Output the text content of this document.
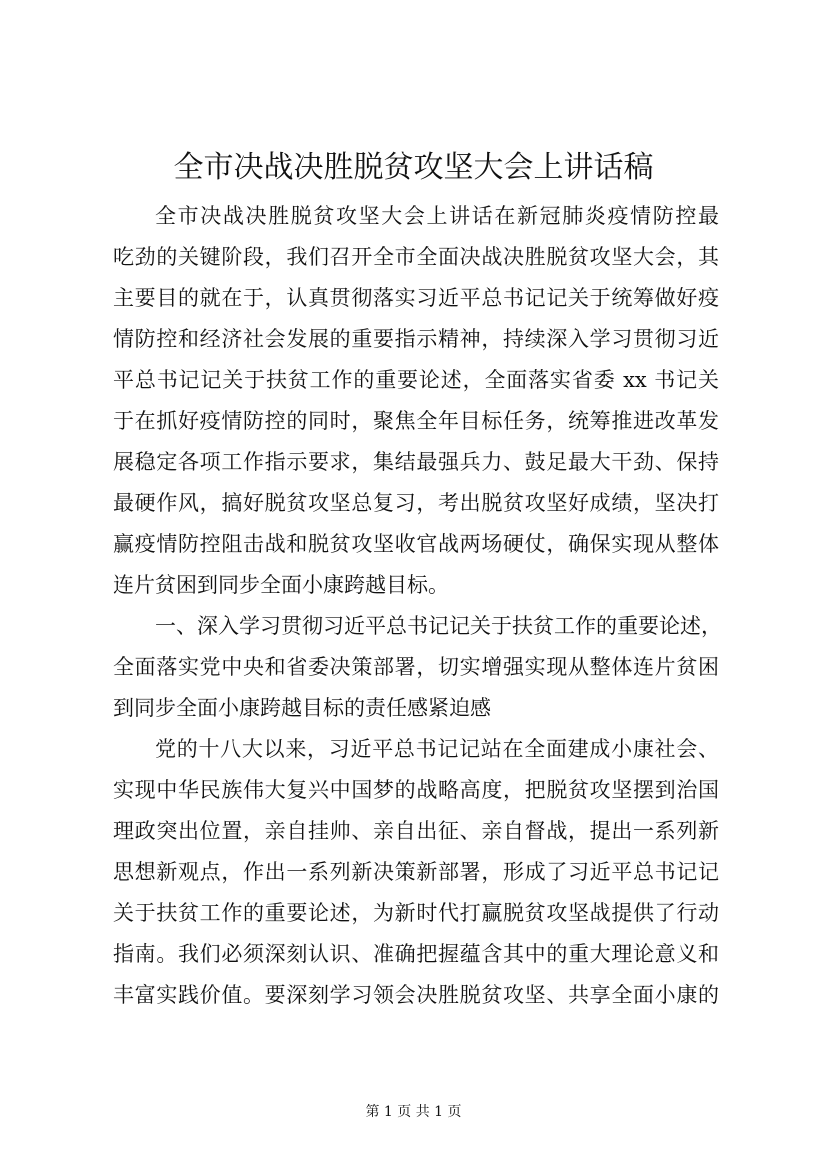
全市决战决胜脱贫攻坚大会上讲话稿
全市决战决胜脱贫攻坚大会上讲话在新冠肺炎疫情防控最
吃劲的关键阶段，我们召开全市全面决战决胜脱贫攻坚大会，其
主要目的就在于，认真贯彻落实习近平总书记记关于统筹做好疫
情防控和经济社会发展的重要指示精神，持续深入学习贯彻习近
平总书记记关于扶贫工作的重要论述，全面落实省委 xx 书记关
于在抓好疫情防控的同时，聚焦全年目标任务，统筹推进改革发
展稳定各项工作指示要求，集结最强兵力、鼓足最大干劲、保持
最硬作风，搞好脱贫攻坚总复习，考出脱贫攻坚好成绩，坚决打
赢疫情防控阻击战和脱贫攻坚收官战两场硬仗，确保实现从整体
连片贫困到同步全面小康跨越目标。
一、深入学习贯彻习近平总书记记关于扶贫工作的重要论述，
全面落实党中央和省委决策部署，切实增强实现从整体连片贫困
到同步全面小康跨越目标的责任感紧迫感
党的十八大以来，习近平总书记记站在全面建成小康社会、
实现中华民族伟大复兴中国梦的战略高度，把脱贫攻坚摆到治国
理政突出位置，亲自挂帅、亲自出征、亲自督战，提出一系列新
思想新观点，作出一系列新决策新部署，形成了习近平总书记记
关于扶贫工作的重要论述，为新时代打赢脱贫攻坚战提供了行动
指南。我们必须深刻认识、准确把握蕴含其中的重大理论意义和
丰富实践价值。要深刻学习领会决胜脱贫攻坚、共享全面小康的
第 1 页 共 1 页
